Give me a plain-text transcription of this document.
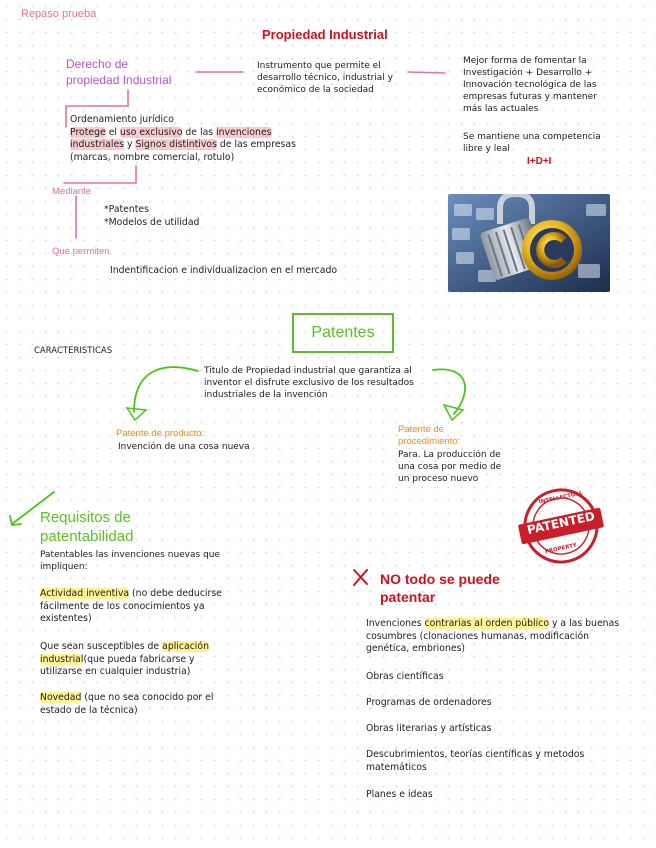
Repaso prueba
Propiedad Industrial
Derecho de
propiedad Industrial
Instrumento que permite el
desarrollo técnico, industrial y
económico de la sociedad
Mejor forma de fomentar la
Investigación + Desarrollo +
Innovación tecnológica de las
empresas futuras y mantener
más las actuales
Se mantiene una competencia
libre y leal
I+D+I
Ordenamiento jurídico
Protege el uso exclusivo de las invenciones
industriales y Signos distintivos de las empresas
(marcas, nombre comercial, rotulo)
Mediante
*Patentes
*Modelos de utilidad
Que permiten
Indentificacion e individualizacion en el mercado
Patentes
CARACTERISTICAS
Titulo de Propiedad industrial que garantiza al
inventor el disfrute exclusivo de los resultados
industriales de la invención
Patente de producto:
Invención de una cosa nueva
Patente de
procedimiento:
Para. La producción de
una cosa por medio de
un proceso nuevo
Requisitos de
patentabilidad
Patentables las invenciones nuevas que
impliquen:
Actividad inventiva (no debe deducirse
fácilmente de los conocimientos ya
existentes)
Que sean susceptibles de aplicación
industrial(que pueda fabricarse y
utilizarse en cualquier industria)
Novedad (que no sea conocido por el
estado de la técnica)
PATENTED
INTELLECTUAL
PROPERTY
NO todo se puede
patentar
Invenciones contrarias al orden público y a las buenas
cosumbres (clonaciones humanas, modificación
genética, embriones)
Obras científicas
Programas de ordenadores
Obras literarias y artísticas
Descubrimientos, teorías científicas y metodos
matemáticos
Planes e ideas
